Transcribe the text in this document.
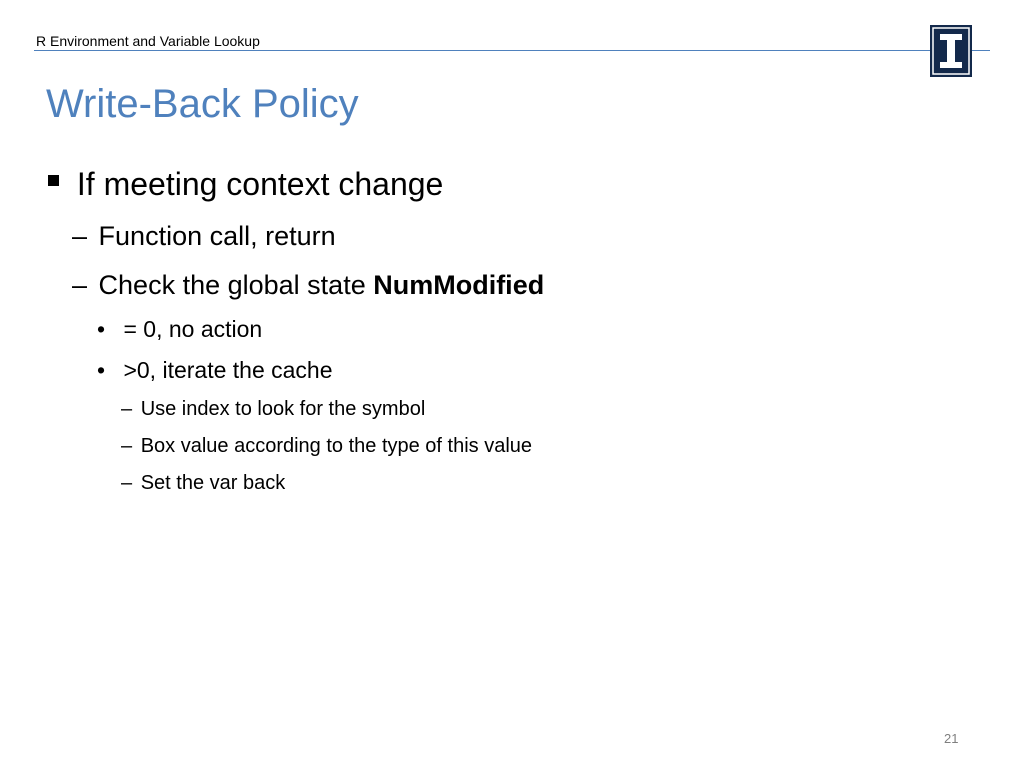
R Environment and Variable Lookup
Write-Back Policy
If meeting context change
– Function call, return
– Check the global state NumModified
• = 0, no action
• >0, iterate the cache
– Use index to look for the symbol
– Box value according to the type of this value
– Set the var back
21
